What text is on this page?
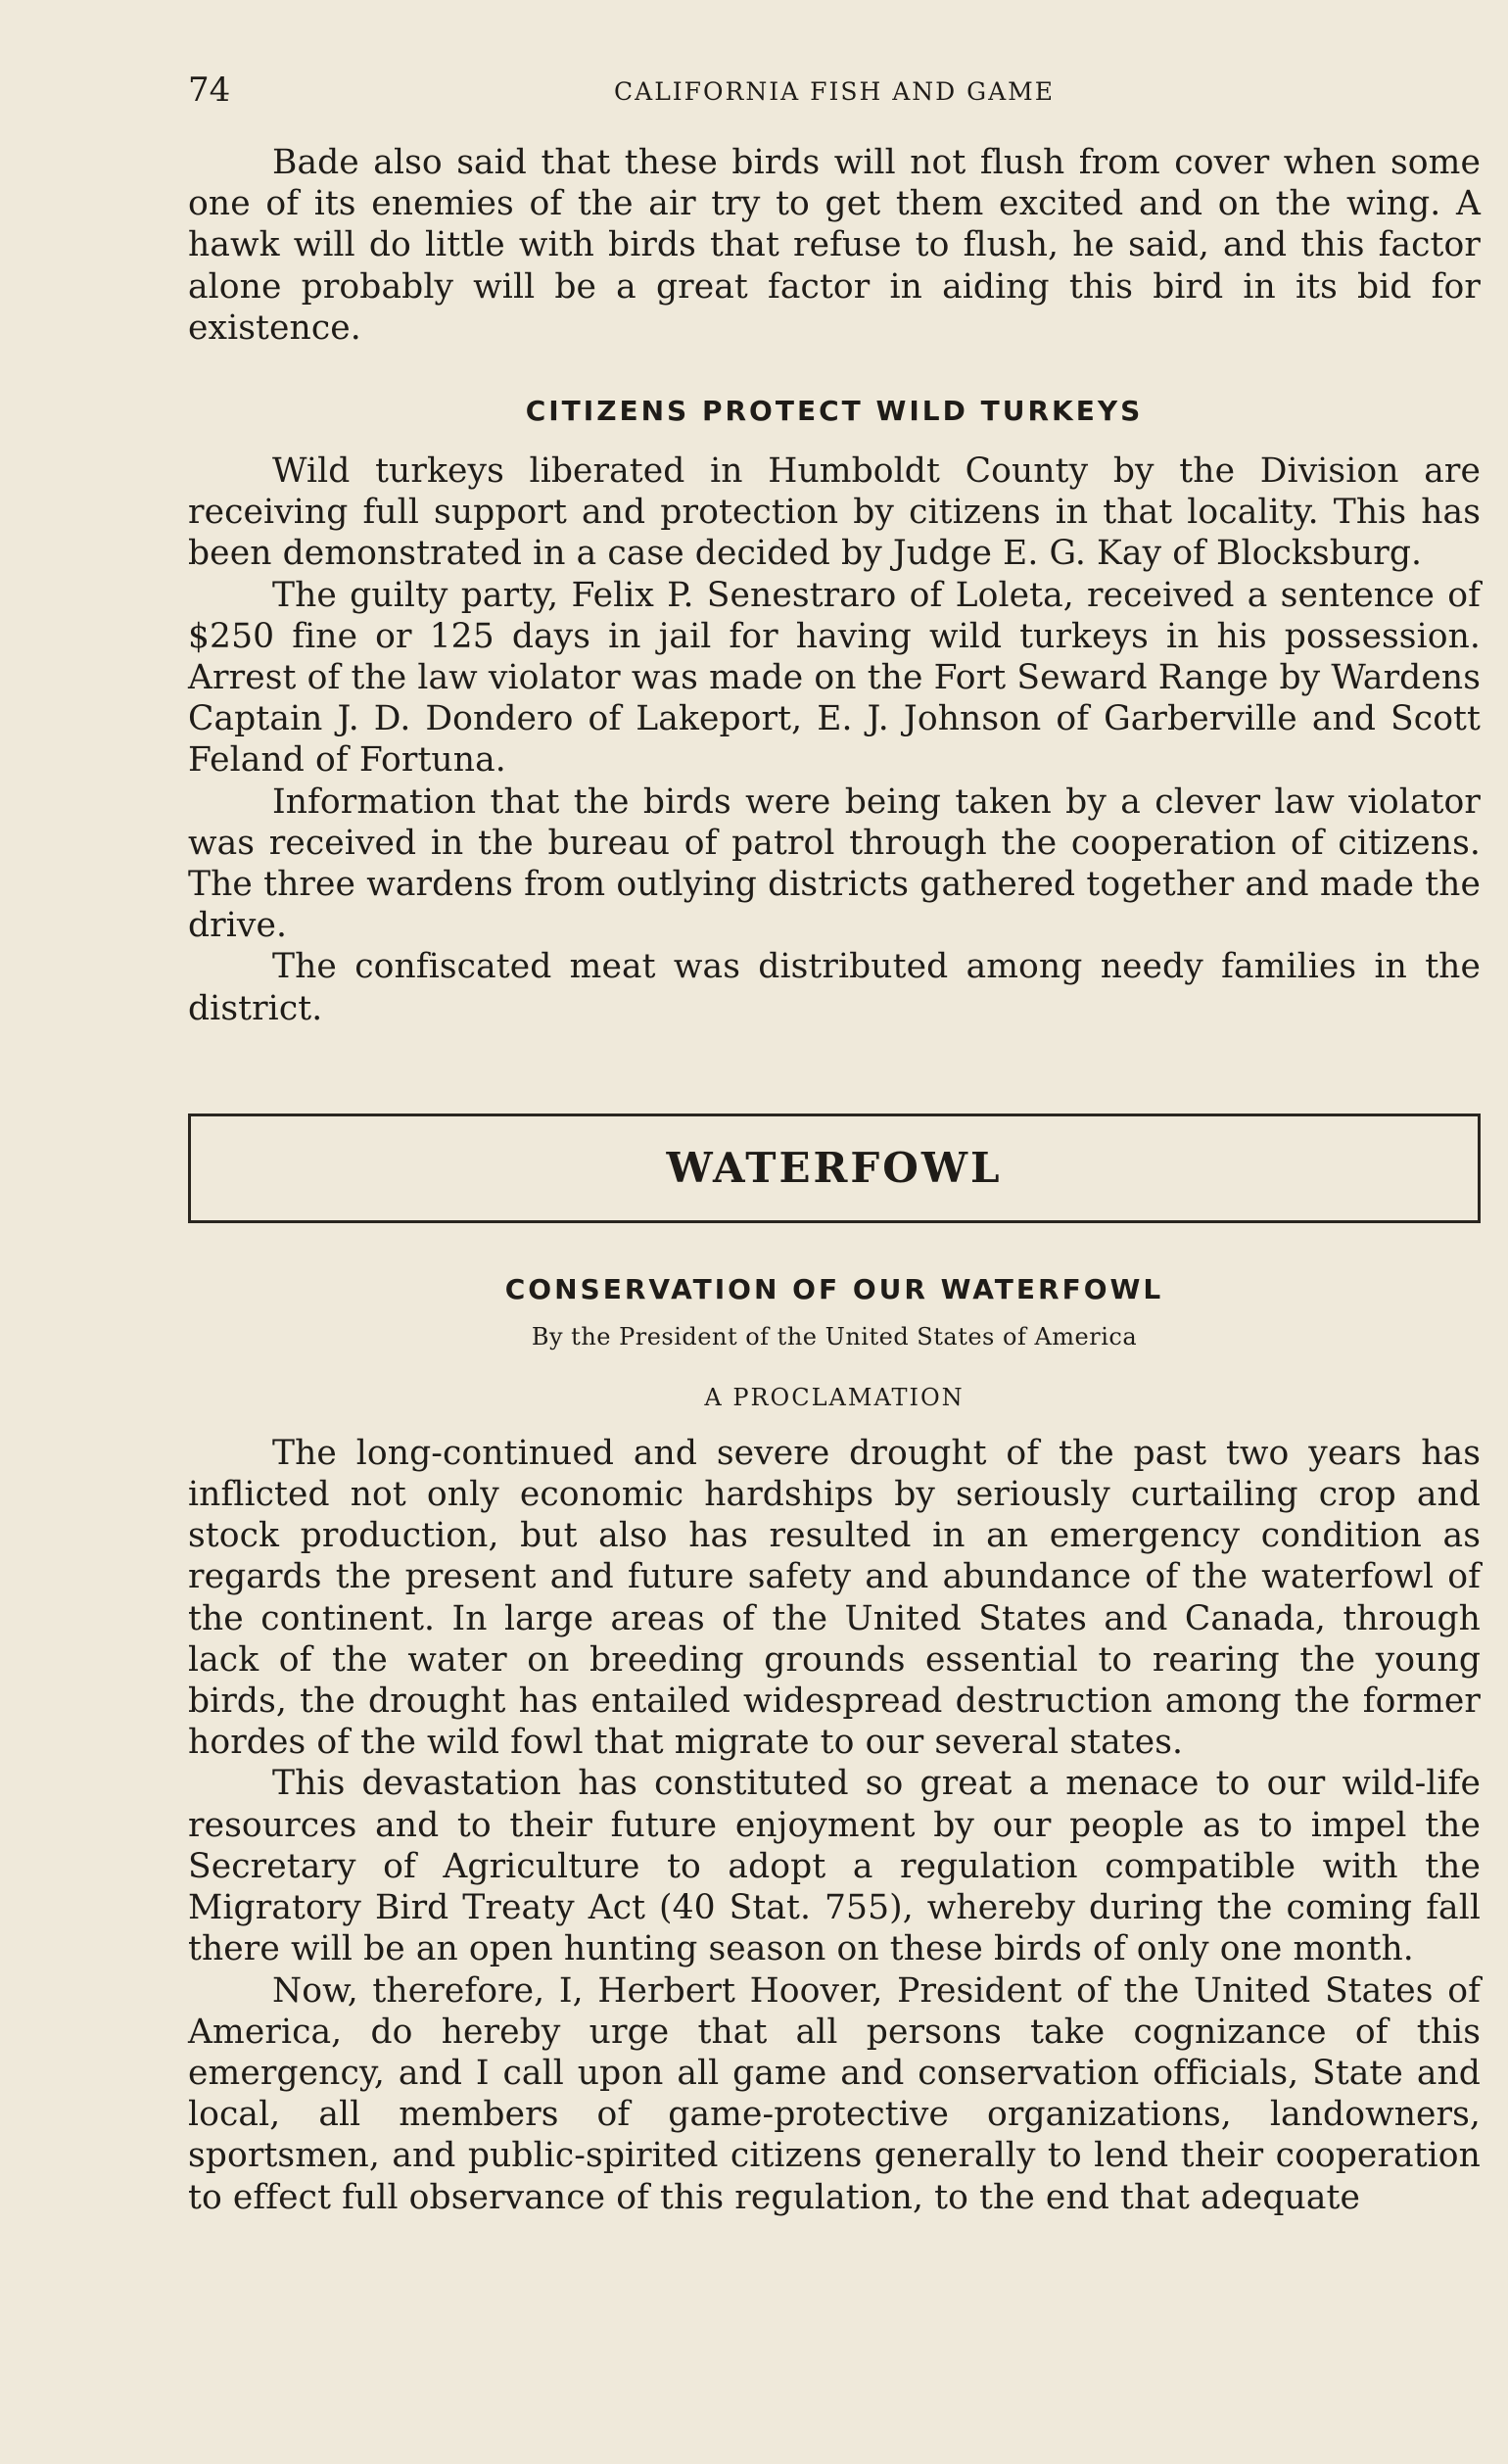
74	CALIFORNIA FISH AND GAME

Bade also said that these birds will not flush from cover when some one of its enemies of the air try to get them excited and on the wing. A hawk will do little with birds that refuse to flush, he said, and this factor alone probably will be a great factor in aiding this bird in its bid for existence.

CITIZENS PROTECT WILD TURKEYS

Wild turkeys liberated in Humboldt County by the Division are receiving full support and protection by citizens in that locality. This has been demonstrated in a case decided by Judge E. G. Kay of Blocksburg.

The guilty party, Felix P. Senestraro of Loleta, received a sentence of $250 fine or 125 days in jail for having wild turkeys in his possession. Arrest of the law violator was made on the Fort Seward Range by Wardens Captain J. D. Dondero of Lakeport, E. J. Johnson of Garberville and Scott Feland of Fortuna.

Information that the birds were being taken by a clever law violator was received in the bureau of patrol through the cooperation of citizens. The three wardens from outlying districts gathered together and made the drive.

The confiscated meat was distributed among needy families in the district.

WATERFOWL
CONSERVATION OF OUR WATERFOWL

By the President of the United States of America

A PROCLAMATION

The long-continued and severe drought of the past two years has inflicted not only economic hardships by seriously curtailing crop and stock production, but also has resulted in an emergency condition as regards the present and future safety and abundance of the waterfowl of the continent. In large areas of the United States and Canada, through lack of the water on breeding grounds essential to rearing the young birds, the drought has entailed widespread destruction among the former hordes of the wild fowl that migrate to our several states.

This devastation has constituted so great a menace to our wild-life resources and to their future enjoyment by our people as to impel the Secretary of Agriculture to adopt a regulation compatible with the Migratory Bird Treaty Act (40 Stat. 755), whereby during the coming fall there will be an open hunting season on these birds of only one month.

Now, therefore, I, Herbert Hoover, President of the United States of America, do hereby urge that all persons take cognizance of this emergency, and I call upon all game and conservation officials, State and local, all members of game-protective organizations, landowners, sportsmen, and public-spirited citizens generally to lend their cooperation to effect full observance of this regulation, to the end that adequate
